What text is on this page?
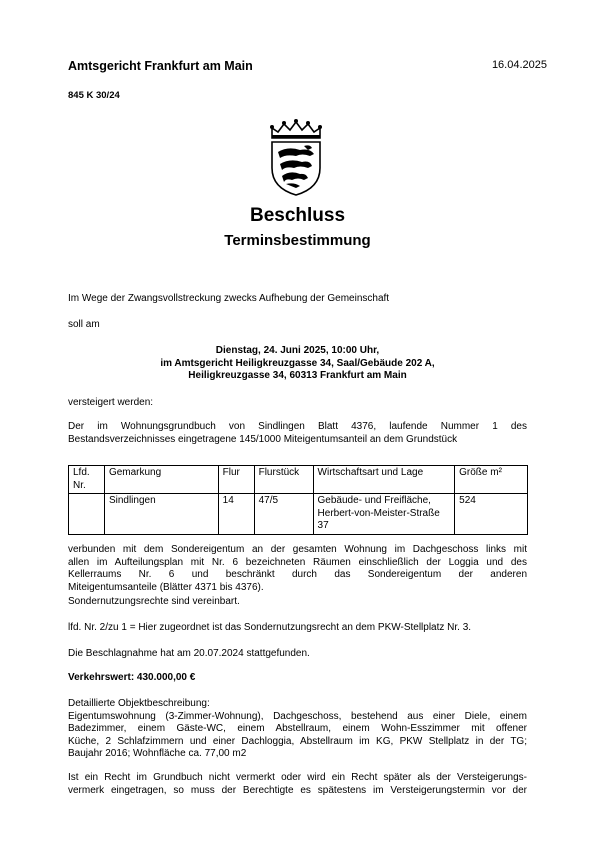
Amtsgericht Frankfurt am Main	16.04.2025
845 K 30/24
Beschluss
Terminsbestimmung
Im Wege der Zwangsvollstreckung zwecks Aufhebung der Gemeinschaft
soll am
Dienstag, 24. Juni 2025, 10:00 Uhr,
im Amtsgericht Heiligkreuzgasse 34, Saal/Gebäude 202 A,
Heiligkreuzgasse 34, 60313 Frankfurt am Main
versteigert werden:
Der im Wohnungsgrundbuch von Sindlingen Blatt 4376, laufende Nummer 1 des
Bestandsverzeichnisses eingetragene 145/1000 Miteigentumsanteil an dem Grundstück
Lfd. Nr.	Gemarkung	Flur	Flurstück	Wirtschaftsart und Lage	Größe m²
	Sindlingen	14	47/5	Gebäude- und Freifläche, Herbert-von-Meister-Straße 37	524
verbunden mit dem Sondereigentum an der gesamten Wohnung im Dachgeschoss links mit
allen im Aufteilungsplan mit Nr. 6 bezeichneten Räumen einschließlich der Loggia und des
Kellerraums Nr. 6 und beschränkt durch das Sondereigentum der anderen
Miteigentumsanteile (Blätter 4371 bis 4376).
Sondernutzungsrechte sind vereinbart.
lfd. Nr. 2/zu 1 = Hier zugeordnet ist das Sondernutzungsrecht an dem PKW-Stellplatz Nr. 3.
Die Beschlagnahme hat am 20.07.2024 stattgefunden.
Verkehrswert: 430.000,00 €
Detaillierte Objektbeschreibung:
Eigentumswohnung (3-Zimmer-Wohnung), Dachgeschoss, bestehend aus einer Diele, einem
Badezimmer, einem Gäste-WC, einem Abstellraum, einem Wohn-Esszimmer mit offener
Küche, 2 Schlafzimmern und einer Dachloggia, Abstellraum im KG, PKW Stellplatz in der TG;
Baujahr 2016; Wohnfläche ca. 77,00 m2
Ist ein Recht im Grundbuch nicht vermerkt oder wird ein Recht später als der Versteigerungs-
vermerk eingetragen, so muss der Berechtigte es spätestens im Versteigerungstermin vor der
